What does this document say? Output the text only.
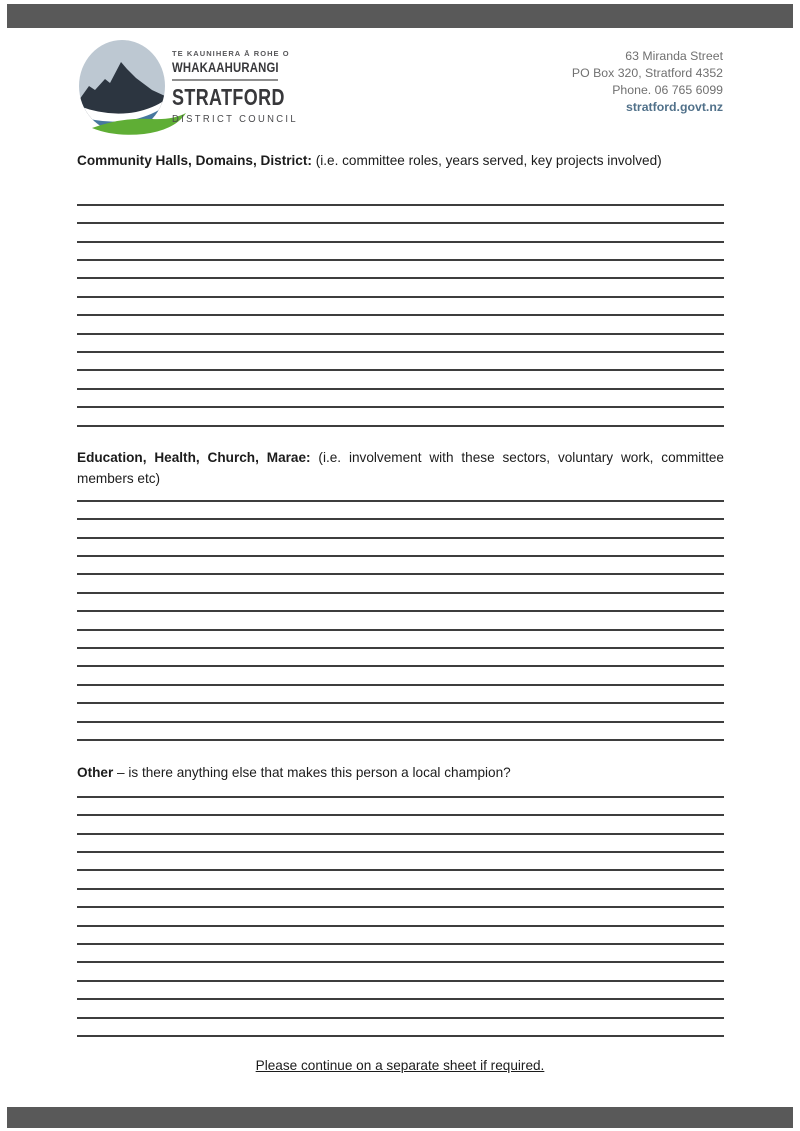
TE KAUNIHERA Ā ROHE O
WHAKAAHURANGI
STRATFORD
DISTRICT COUNCIL
63 Miranda Street
PO Box 320, Stratford 4352
Phone. 06 765 6099
stratford.govt.nz
Community Halls, Domains, District: (i.e. committee roles, years served, key projects involved)
Education, Health, Church, Marae: (i.e. involvement with these sectors, voluntary work, committee members etc)
Other – is there anything else that makes this person a local champion?
Please continue on a separate sheet if required.
